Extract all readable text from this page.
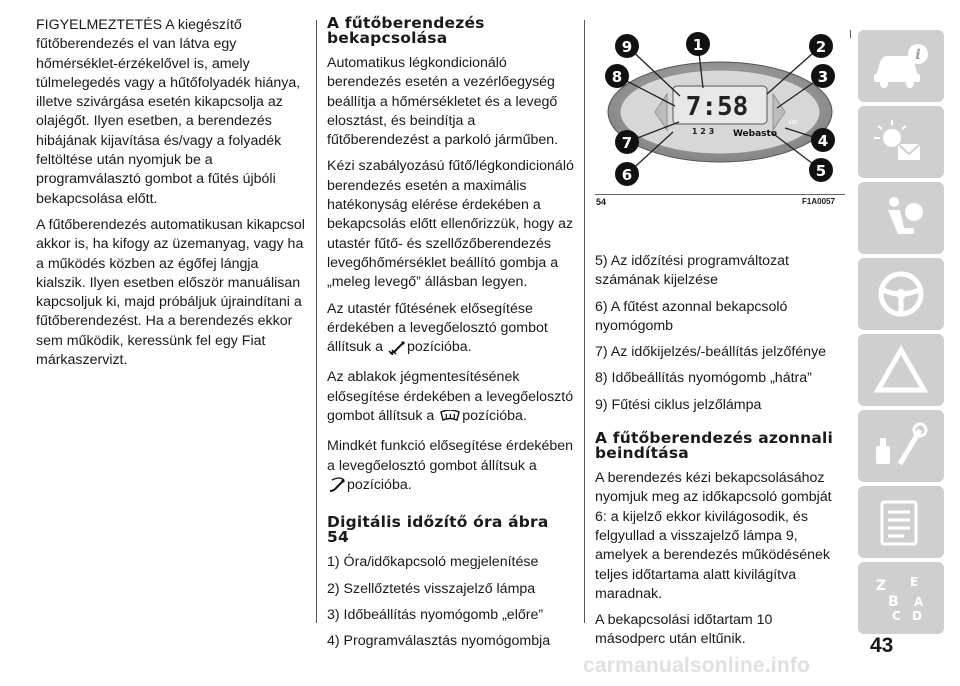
FIGYELMEZTETÉS A kiegészítő fűtőberendezés el van látva egy hőmérséklet-érzékelővel is, amely túlmelegedés vagy a hűtőfolyadék hiánya, illetve szivárgása esetén kikapcsolja az olajégőt. Ilyen esetben, a berendezés hibájának kijavítása és/vagy a folyadék feltöltése után nyomjuk be a programválasztó gombot a fűtés újbóli bekapcsolása előtt.

A fűtőberendezés automatikusan kikapcsol akkor is, ha kifogy az üzemanyag, vagy ha a működés közben az égőfej lángja kialszik. Ilyen esetben először manuálisan kapcsoljuk ki, majd próbáljuk újraindítani a fűtőberendezést. Ha a berendezés ekkor sem működik, keressünk fel egy Fiat márkaszervizt.

A fűtőberendezés bekapcsolása

Automatikus légkondicionáló berendezés esetén a vezérlőegység beállítja a hőmérsékletet és a levegő elosztást, és beindítja a fűtőberendezést a parkoló járműben.

Kézi szabályozású fűtő/légkondicionáló berendezés esetén a maximális hatékonyság elérése érdekében a bekapcsolás előtt ellenőrizzük, hogy az utastér fűtő- és szellőzőberendezés levegőhőmérséklet beállító gombja a „meleg levegő” állásban legyen.

Az utastér fűtésének elősegítése érdekében a levegőelosztó gombot állítsuk a pozícióba.

Az ablakok jégmentesítésének elősegítése érdekében a levegőelosztó gombot állítsuk a pozícióba.

Mindkét funkció elősegítése érdekében a levegőelosztó gombot állítsuk a
pozícióba.

Digitális időzítő óra ábra 54

1) Óra/időkapcsoló megjelenítése

2) Szellőztetés visszajelző lámpa

3) Időbeállítás nyomógomb „előre”

4) Programválasztás nyomógombja

7:58
1 2 3 Webasto
set
9	1	2
8	3
7	4
6	5
54	F1A0057

5) Az időzítési programváltozat számának kijelzése

6) A fűtést azonnal bekapcsoló nyomógomb

7) Az időkijelzés/-beállítás jelzőfénye

8) Időbeállítás nyomógomb „hátra”

9) Fűtési ciklus jelzőlámpa

A fűtőberendezés azonnali beindítása

A berendezés kézi bekapcsolásához nyomjuk meg az időkapcsoló gombját 6: a kijelző ekkor kivilágosodik, és felgyullad a visszajelző lámpa 9, amelyek a berendezés működésének teljes időtartama alatt kivilágítva maradnak.

A bekapcsolási időtartam 10 másodperc után eltűnik.

i
Z E
B A
C D
43
carmanualsonline.info
